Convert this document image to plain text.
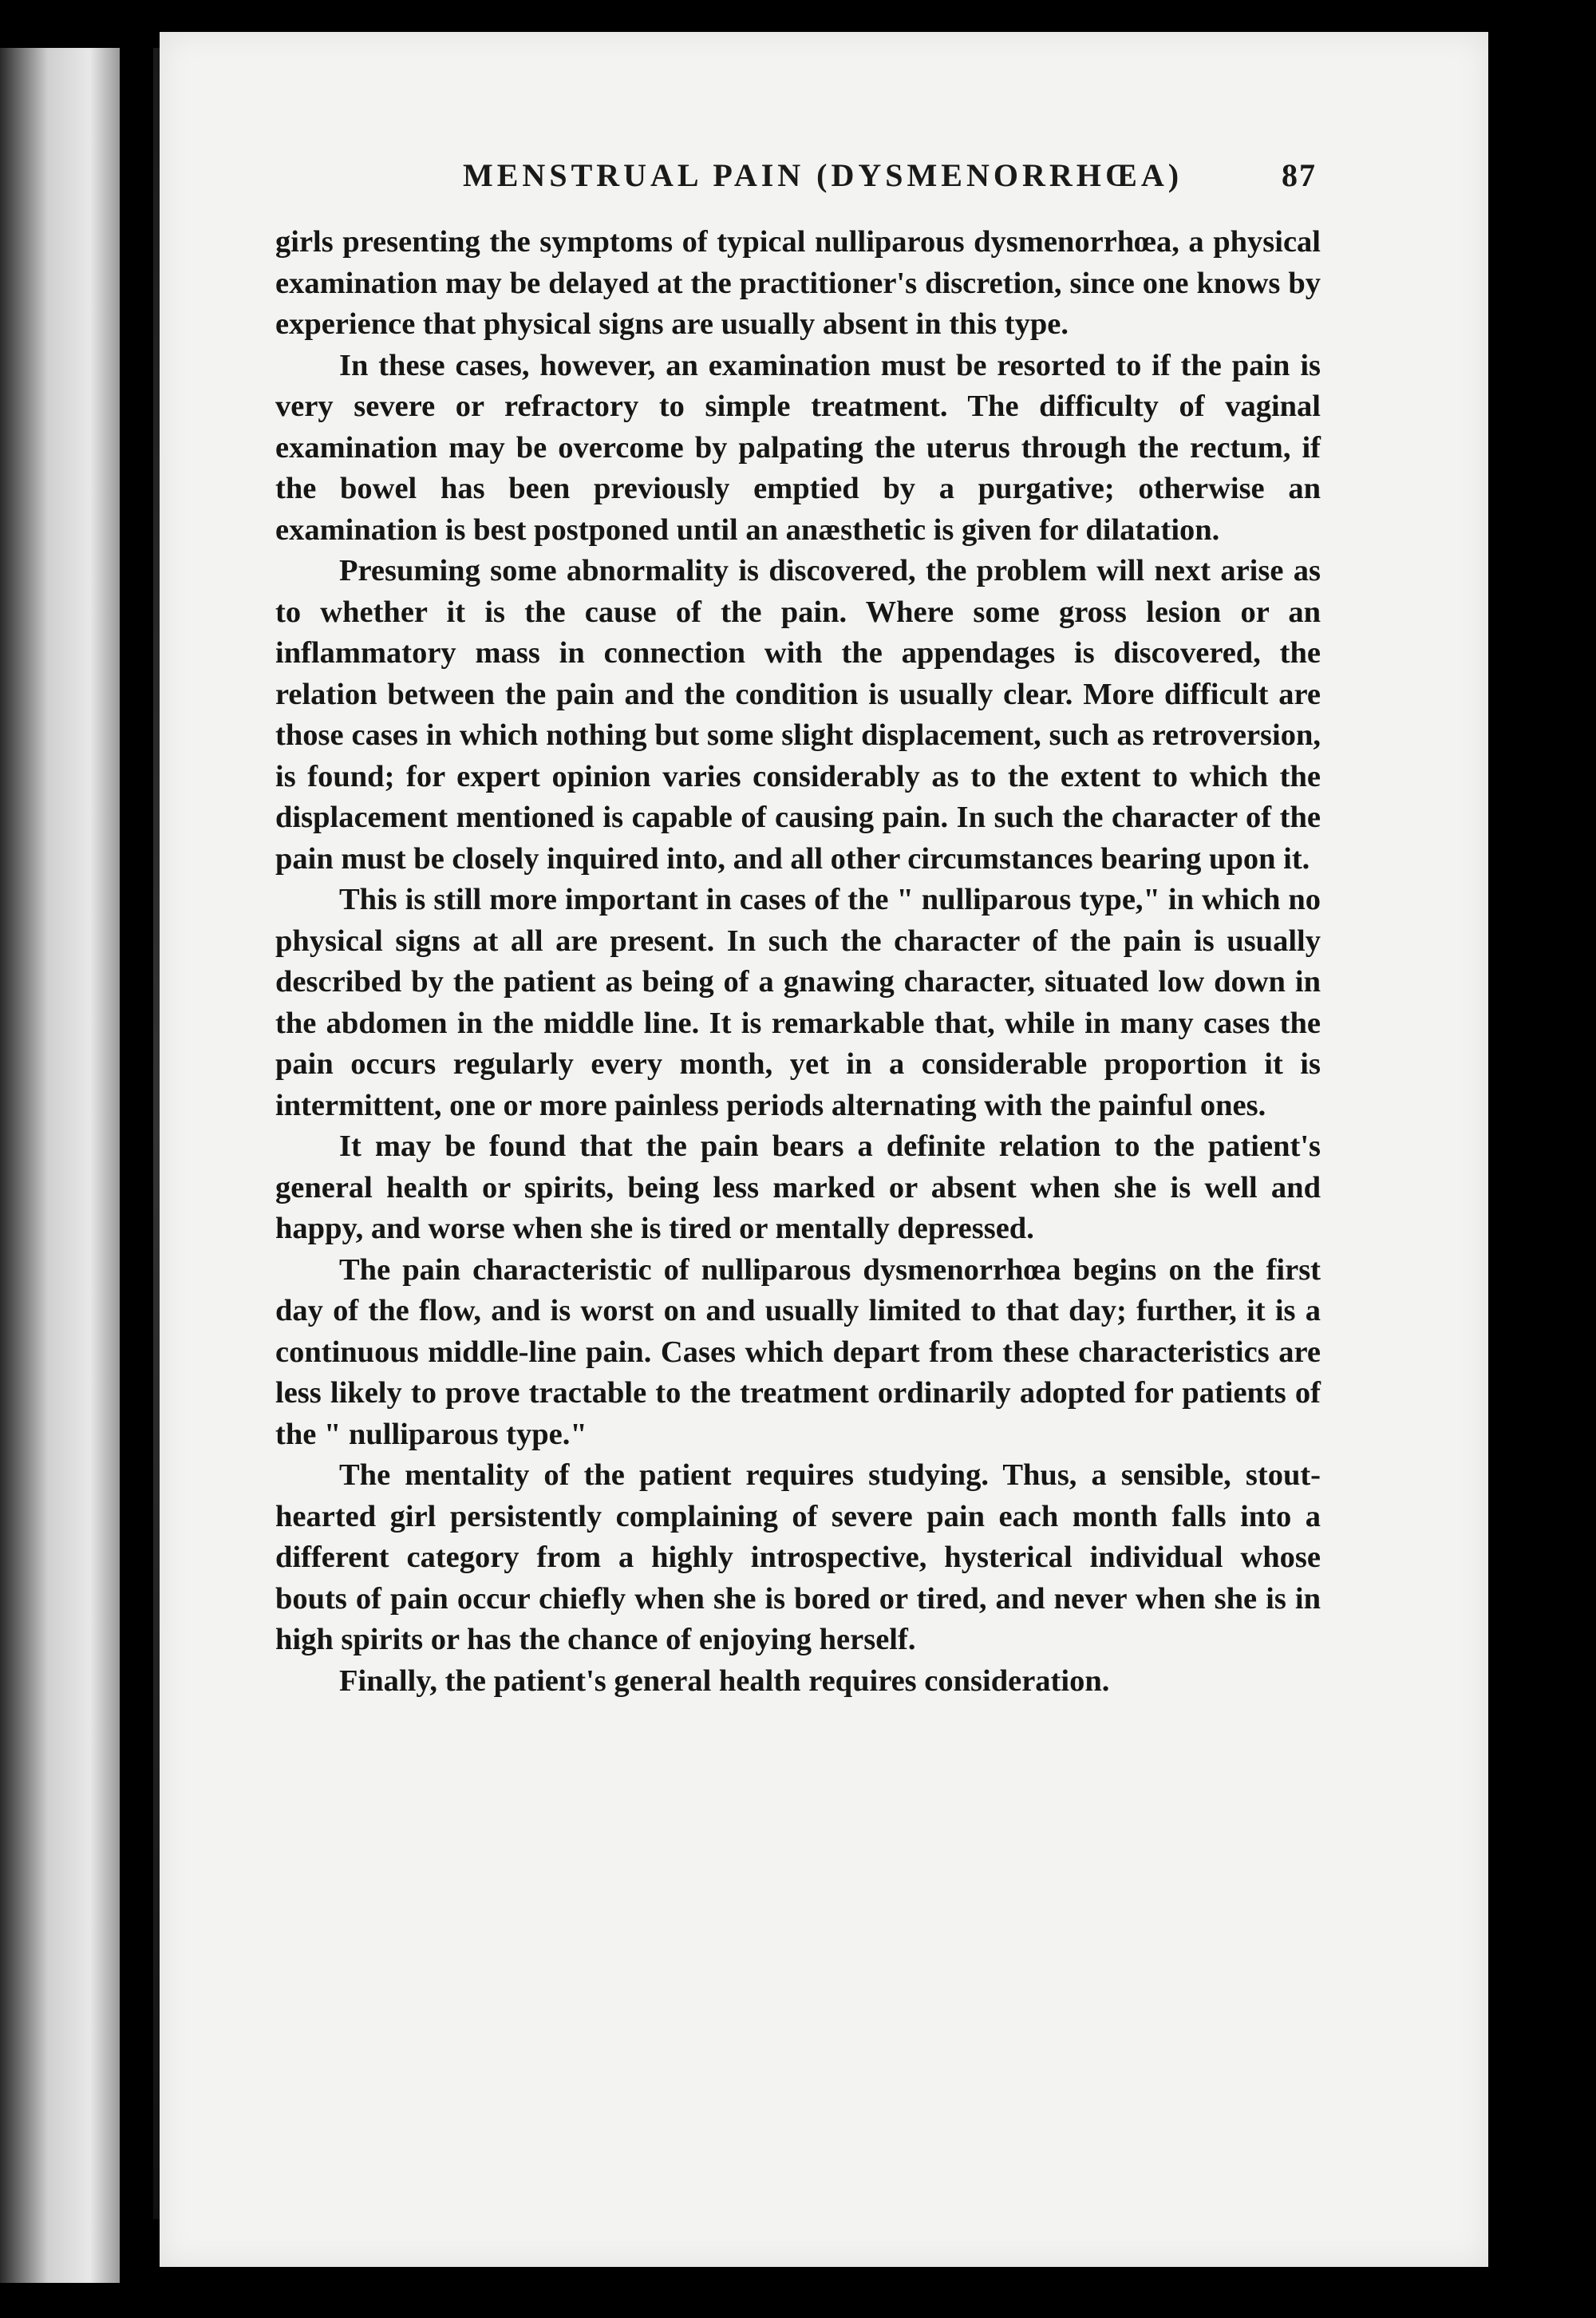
MENSTRUAL PAIN (DYSMENORRHŒA)	87

girls presenting the symptoms of typical nulliparous dysmenorrhœa, a physical examination may be delayed at the practitioner's discretion, since one knows by experience that physical signs are usually absent in this type.

In these cases, however, an examination must be resorted to if the pain is very severe or refractory to simple treatment. The difficulty of vaginal examination may be overcome by palpating the uterus through the rectum, if the bowel has been previously emptied by a purgative; otherwise an examination is best postponed until an anæsthetic is given for dilatation.

Presuming some abnormality is discovered, the problem will next arise as to whether it is the cause of the pain. Where some gross lesion or an inflammatory mass in connection with the appendages is discovered, the relation between the pain and the condition is usually clear. More difficult are those cases in which nothing but some slight displacement, such as retroversion, is found; for expert opinion varies considerably as to the extent to which the displacement mentioned is capable of causing pain. In such the character of the pain must be closely inquired into, and all other circumstances bearing upon it.

This is still more important in cases of the " nulliparous type," in which no physical signs at all are present. In such the character of the pain is usually described by the patient as being of a gnawing character, situated low down in the abdomen in the middle line. It is remarkable that, while in many cases the pain occurs regularly every month, yet in a considerable proportion it is intermittent, one or more painless periods alternating with the painful ones.

It may be found that the pain bears a definite relation to the patient's general health or spirits, being less marked or absent when she is well and happy, and worse when she is tired or mentally depressed.

The pain characteristic of nulliparous dysmenorrhœa begins on the first day of the flow, and is worst on and usually limited to that day; further, it is a continuous middle-line pain. Cases which depart from these characteristics are less likely to prove tractable to the treatment ordinarily adopted for patients of the " nulliparous type."

The mentality of the patient requires studying. Thus, a sensible, stout-hearted girl persistently complaining of severe pain each month falls into a different category from a highly introspective, hysterical individual whose bouts of pain occur chiefly when she is bored or tired, and never when she is in high spirits or has the chance of enjoying herself.

Finally, the patient's general health requires consideration.
